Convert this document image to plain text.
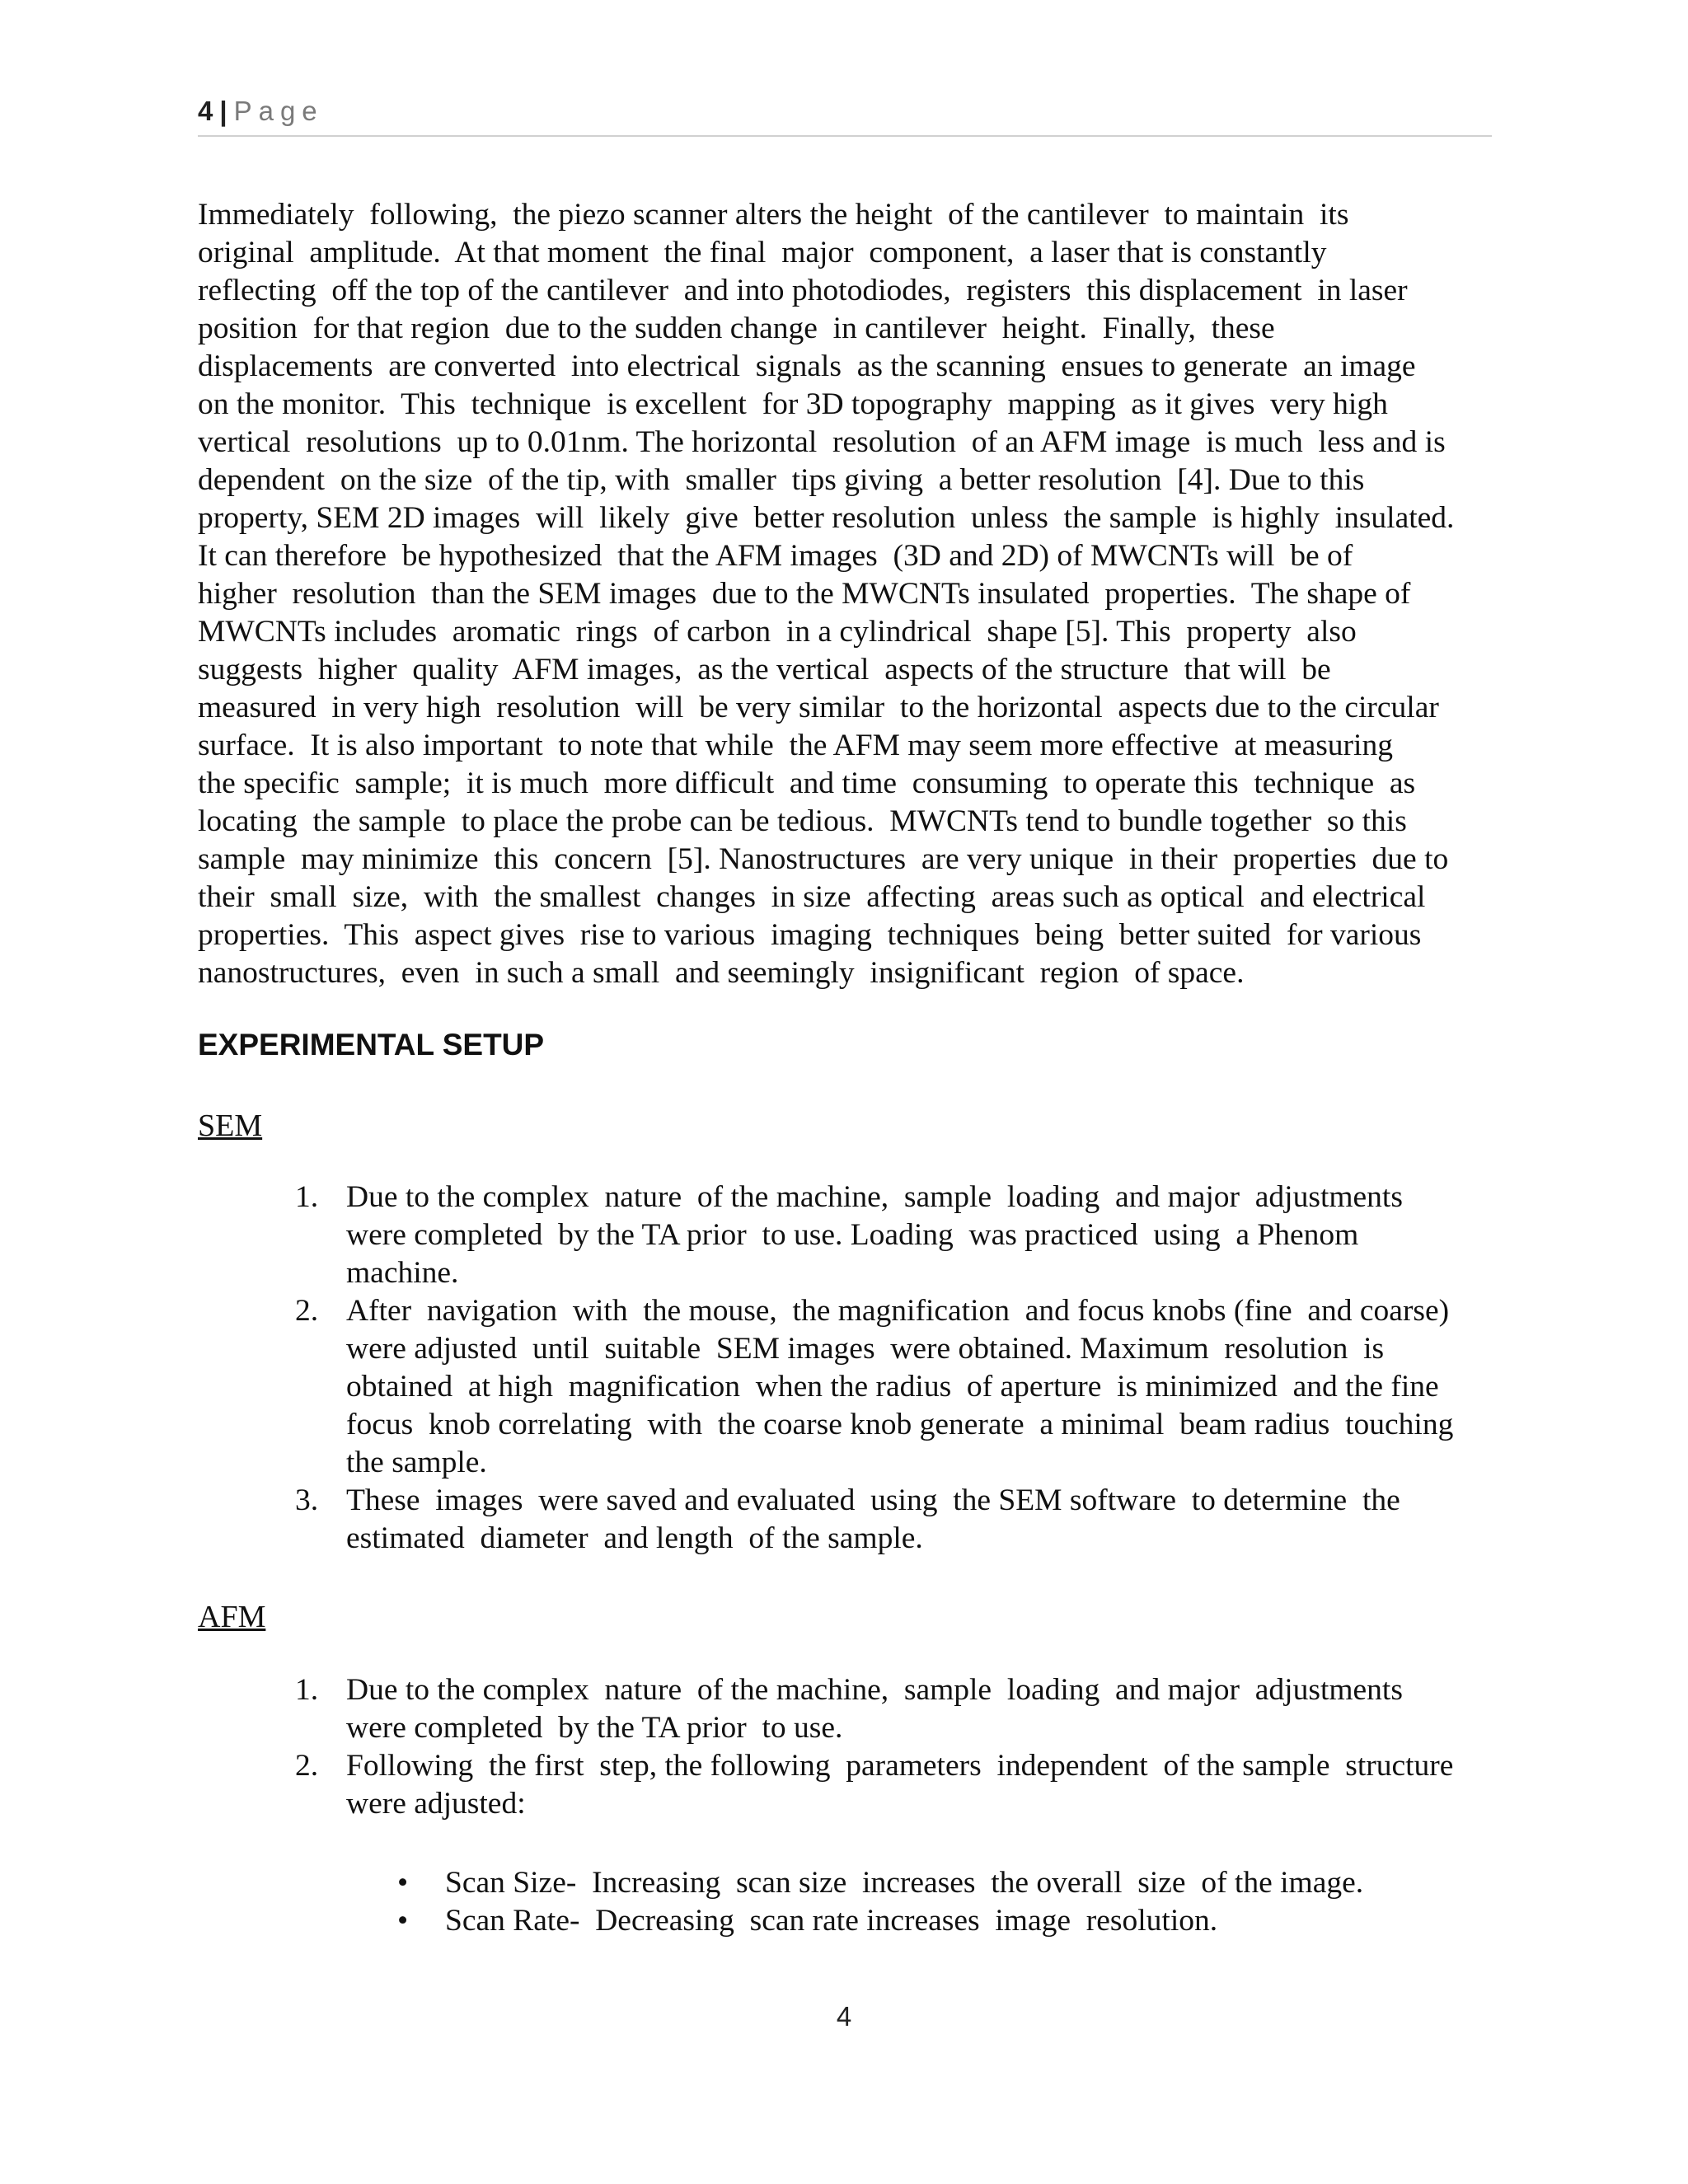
4 | Page
Immediately  following,  the piezo scanner alters the height  of the cantilever  to maintain  its
original  amplitude.  At that moment  the final  major  component,  a laser that is constantly
reflecting  off the top of the cantilever  and into photodiodes,  registers  this displacement  in laser
position  for that region  due to the sudden change  in cantilever  height.  Finally,  these
displacements  are converted  into electrical  signals  as the scanning  ensues to generate  an image
on the monitor.  This  technique  is excellent  for 3D topography  mapping  as it gives  very high
vertical  resolutions  up to 0.01nm. The horizontal  resolution  of an AFM image  is much  less and is
dependent  on the size  of the tip, with  smaller  tips giving  a better resolution  [4]. Due to this
property, SEM 2D images  will  likely  give  better resolution  unless  the sample  is highly  insulated.
It can therefore  be hypothesized  that the AFM images  (3D and 2D) of MWCNTs will  be of
higher  resolution  than the SEM images  due to the MWCNTs insulated  properties.  The shape of
MWCNTs includes  aromatic  rings  of carbon  in a cylindrical  shape [5]. This  property  also
suggests  higher  quality  AFM images,  as the vertical  aspects of the structure  that will  be
measured  in very high  resolution  will  be very similar  to the horizontal  aspects due to the circular
surface.  It is also important  to note that while  the AFM may seem more effective  at measuring
the specific  sample;  it is much  more difficult  and time  consuming  to operate this  technique  as
locating  the sample  to place the probe can be tedious.  MWCNTs tend to bundle together  so this
sample  may minimize  this  concern  [5]. Nanostructures  are very unique  in their  properties  due to
their  small  size,  with  the smallest  changes  in size  affecting  areas such as optical  and electrical
properties.  This  aspect gives  rise to various  imaging  techniques  being  better suited  for various
nanostructures,  even  in such a small  and seemingly  insignificant  region  of space.
EXPERIMENTAL SETUP
SEM
1. Due to the complex  nature  of the machine,  sample  loading  and major  adjustments
were completed  by the TA prior  to use. Loading  was practiced  using  a Phenom
machine.
2. After  navigation  with  the mouse,  the magnification  and focus knobs (fine  and coarse)
were adjusted  until  suitable  SEM images  were obtained. Maximum  resolution  is
obtained  at high  magnification  when the radius  of aperture  is minimized  and the fine
focus  knob correlating  with  the coarse knob generate  a minimal  beam radius  touching
the sample.
3. These  images  were saved and evaluated  using  the SEM software  to determine  the
estimated  diameter  and length  of the sample.
AFM
1. Due to the complex  nature  of the machine,  sample  loading  and major  adjustments
were completed  by the TA prior  to use.
2. Following  the first  step, the following  parameters  independent  of the sample  structure
were adjusted:
• Scan Size-  Increasing  scan size  increases  the overall  size  of the image.
• Scan Rate-  Decreasing  scan rate increases  image  resolution.
4
